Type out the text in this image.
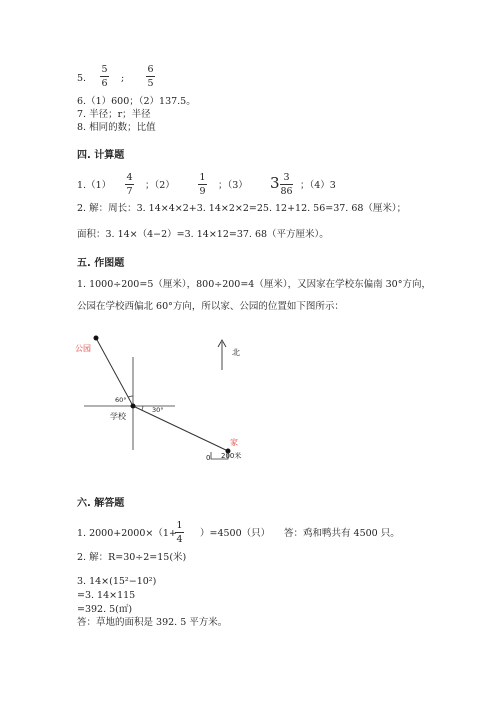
5.
5
6 ;
6
5
6.（1）600；（2）137.5。
7. 半径；r；半径
8. 相同的数；比值
四. 计算题
1.（1）
4
7
；（2）
1
9
；（3） 3 3
86
；（4）3
2. 解：周长：3. 14×4×2+3. 14×2×2=25. 12+12. 56=37. 68（厘米）；
面积：3. 14×（4−2）=3. 14×12=37. 68（平方厘米）。
五. 作图题
1. 1000÷200=5（厘米），800÷200=4（厘米），又因家在学校东偏南 30°方向，
公园在学校西偏北 60°方向，所以家、公园的位置如下图所示：
公园
学校
家
北
60°
30°
0 200米
六. 解答题
1. 2000+2000×（1+
1
4
）=4500（只） 答：鸡和鸭共有 4500 只。
2. 解：R=30÷2=15(米)
3. 14×(15²−10²)
=3. 14×115
=392. 5(㎡)
答：草地的面积是 392. 5 平方米。
